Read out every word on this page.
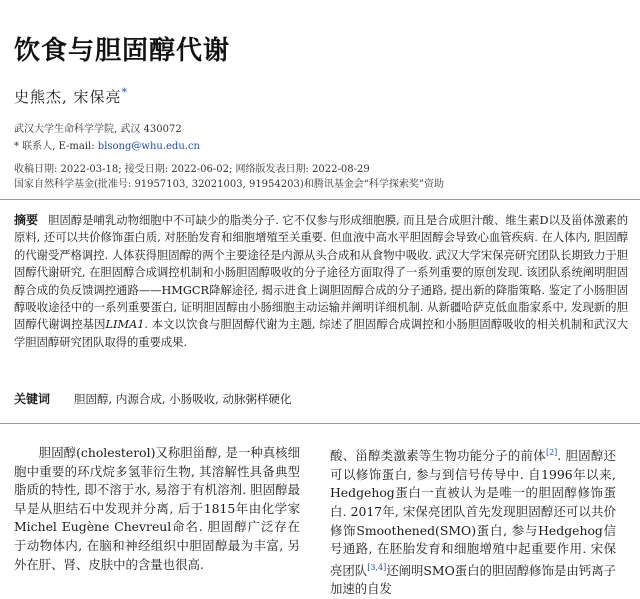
饮食与胆固醇代谢
史熊杰, 宋保亮*
武汉大学生命科学学院, 武汉 430072
* 联系人, E-mail: blsong@whu.edu.cn
收稿日期: 2022-03-18; 接受日期: 2022-06-02; 网络版发表日期: 2022-08-29
国家自然科学基金(批准号: 91957103, 32021003, 91954203)和腾讯基金会“科学探索奖”资助
摘要 胆固醇是哺乳动物细胞中不可缺少的脂类分子. 它不仅参与形成细胞膜, 而且是合成胆汁酸、维生素D以及甾体激素的原料, 还可以共价修饰蛋白质, 对胚胎发育和细胞增殖至关重要. 但血液中高水平胆固醇会导致心血管疾病. 在人体内, 胆固醇的代谢受严格调控. 人体获得胆固醇的两个主要途径是内源从头合成和从食物中吸收. 武汉大学宋保亮研究团队长期致力于胆固醇代谢研究, 在胆固醇合成调控机制和小肠胆固醇吸收的分子途径方面取得了一系列重要的原创发现. 该团队系统阐明胆固醇合成的负反馈调控通路——HMGCR降解途径, 揭示进食上调胆固醇合成的分子通路, 提出新的降脂策略. 鉴定了小肠胆固醇吸收途径中的一系列重要蛋白, 证明胆固醇由小肠细胞主动运输并阐明详细机制. 从新疆哈萨克低血脂家系中, 发现新的胆固醇代谢调控基因LIMA1. 本文以饮食与胆固醇代谢为主题, 综述了胆固醇合成调控和小肠胆固醇吸收的相关机制和武汉大学胆固醇研究团队取得的重要成果.
关键词 胆固醇, 内源合成, 小肠吸收, 动脉粥样硬化
胆固醇(cholesterol)又称胆甾醇, 是一种真核细胞中重要的环戊烷多氢菲衍生物, 其溶解性具备典型脂质的特性, 即不溶于水, 易溶于有机溶剂. 胆固醇最早是从胆结石中发现并分离, 后于1815年由化学家Michel Eugène Chevreul命名. 胆固醇广泛存在于动物体内, 在脑和神经组织中胆固醇最为丰富, 另外在肝、肾、皮肤中的含量也很高.
酸、甾醇类激素等生物功能分子的前体[2]. 胆固醇还可以修饰蛋白, 参与到信号传导中. 自1996年以来, Hedgehog蛋白一直被认为是唯一的胆固醇修饰蛋白. 2017年, 宋保亮团队首先发现胆固醇还可以共价修饰Smoothened(SMO)蛋白, 参与Hedgehog信号通路, 在胚胎发育和细胞增殖中起重要作用. 宋保亮团队[3,4]还阐明SMO蛋白的胆固醇修饰是由钙离子加速的自发
